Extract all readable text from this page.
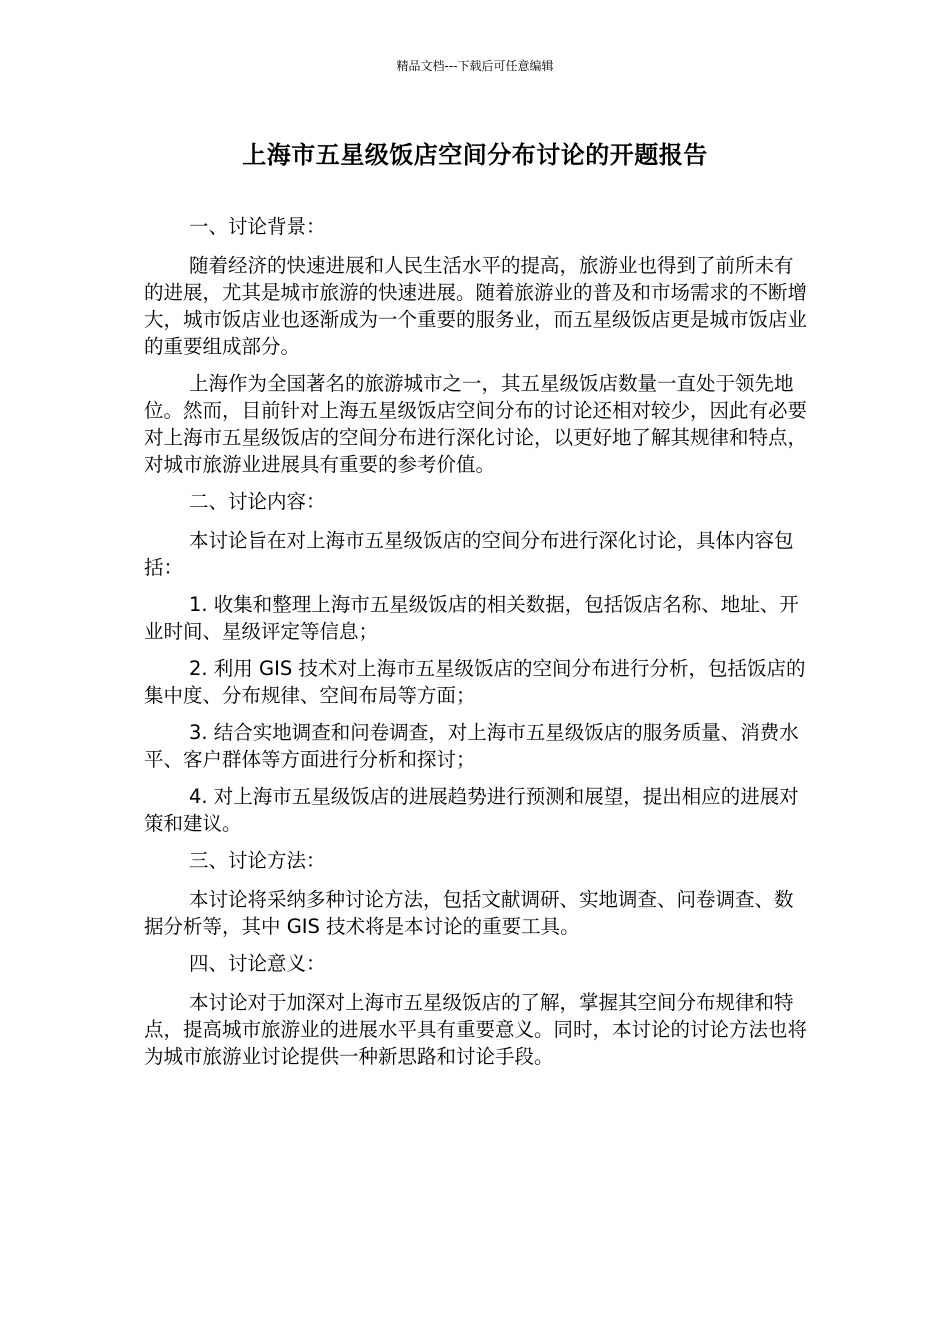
精品文档---下载后可任意编辑
上海市五星级饭店空间分布讨论的开题报告

一、讨论背景：

随着经济的快速进展和人民生活水平的提高，旅游业也得到了前所未有的进展，尤其是城市旅游的快速进展。随着旅游业的普及和市场需求的不断增大，城市饭店业也逐渐成为一个重要的服务业，而五星级饭店更是城市饭店业的重要组成部分。

上海作为全国著名的旅游城市之一，其五星级饭店数量一直处于领先地位。然而，目前针对上海五星级饭店空间分布的讨论还相对较少，因此有必要对上海市五星级饭店的空间分布进行深化讨论，以更好地了解其规律和特点，对城市旅游业进展具有重要的参考价值。

二、讨论内容：

本讨论旨在对上海市五星级饭店的空间分布进行深化讨论，具体内容包括：

1. 收集和整理上海市五星级饭店的相关数据，包括饭店名称、地址、开业时间、星级评定等信息；

2. 利用 GIS 技术对上海市五星级饭店的空间分布进行分析，包括饭店的集中度、分布规律、空间布局等方面；

3. 结合实地调查和问卷调查，对上海市五星级饭店的服务质量、消费水平、客户群体等方面进行分析和探讨；

4. 对上海市五星级饭店的进展趋势进行预测和展望，提出相应的进展对策和建议。

三、讨论方法：

本讨论将采纳多种讨论方法，包括文献调研、实地调查、问卷调查、数据分析等，其中 GIS 技术将是本讨论的重要工具。

四、讨论意义：

本讨论对于加深对上海市五星级饭店的了解，掌握其空间分布规律和特点，提高城市旅游业的进展水平具有重要意义。同时，本讨论的讨论方法也将为城市旅游业讨论提供一种新思路和讨论手段。
